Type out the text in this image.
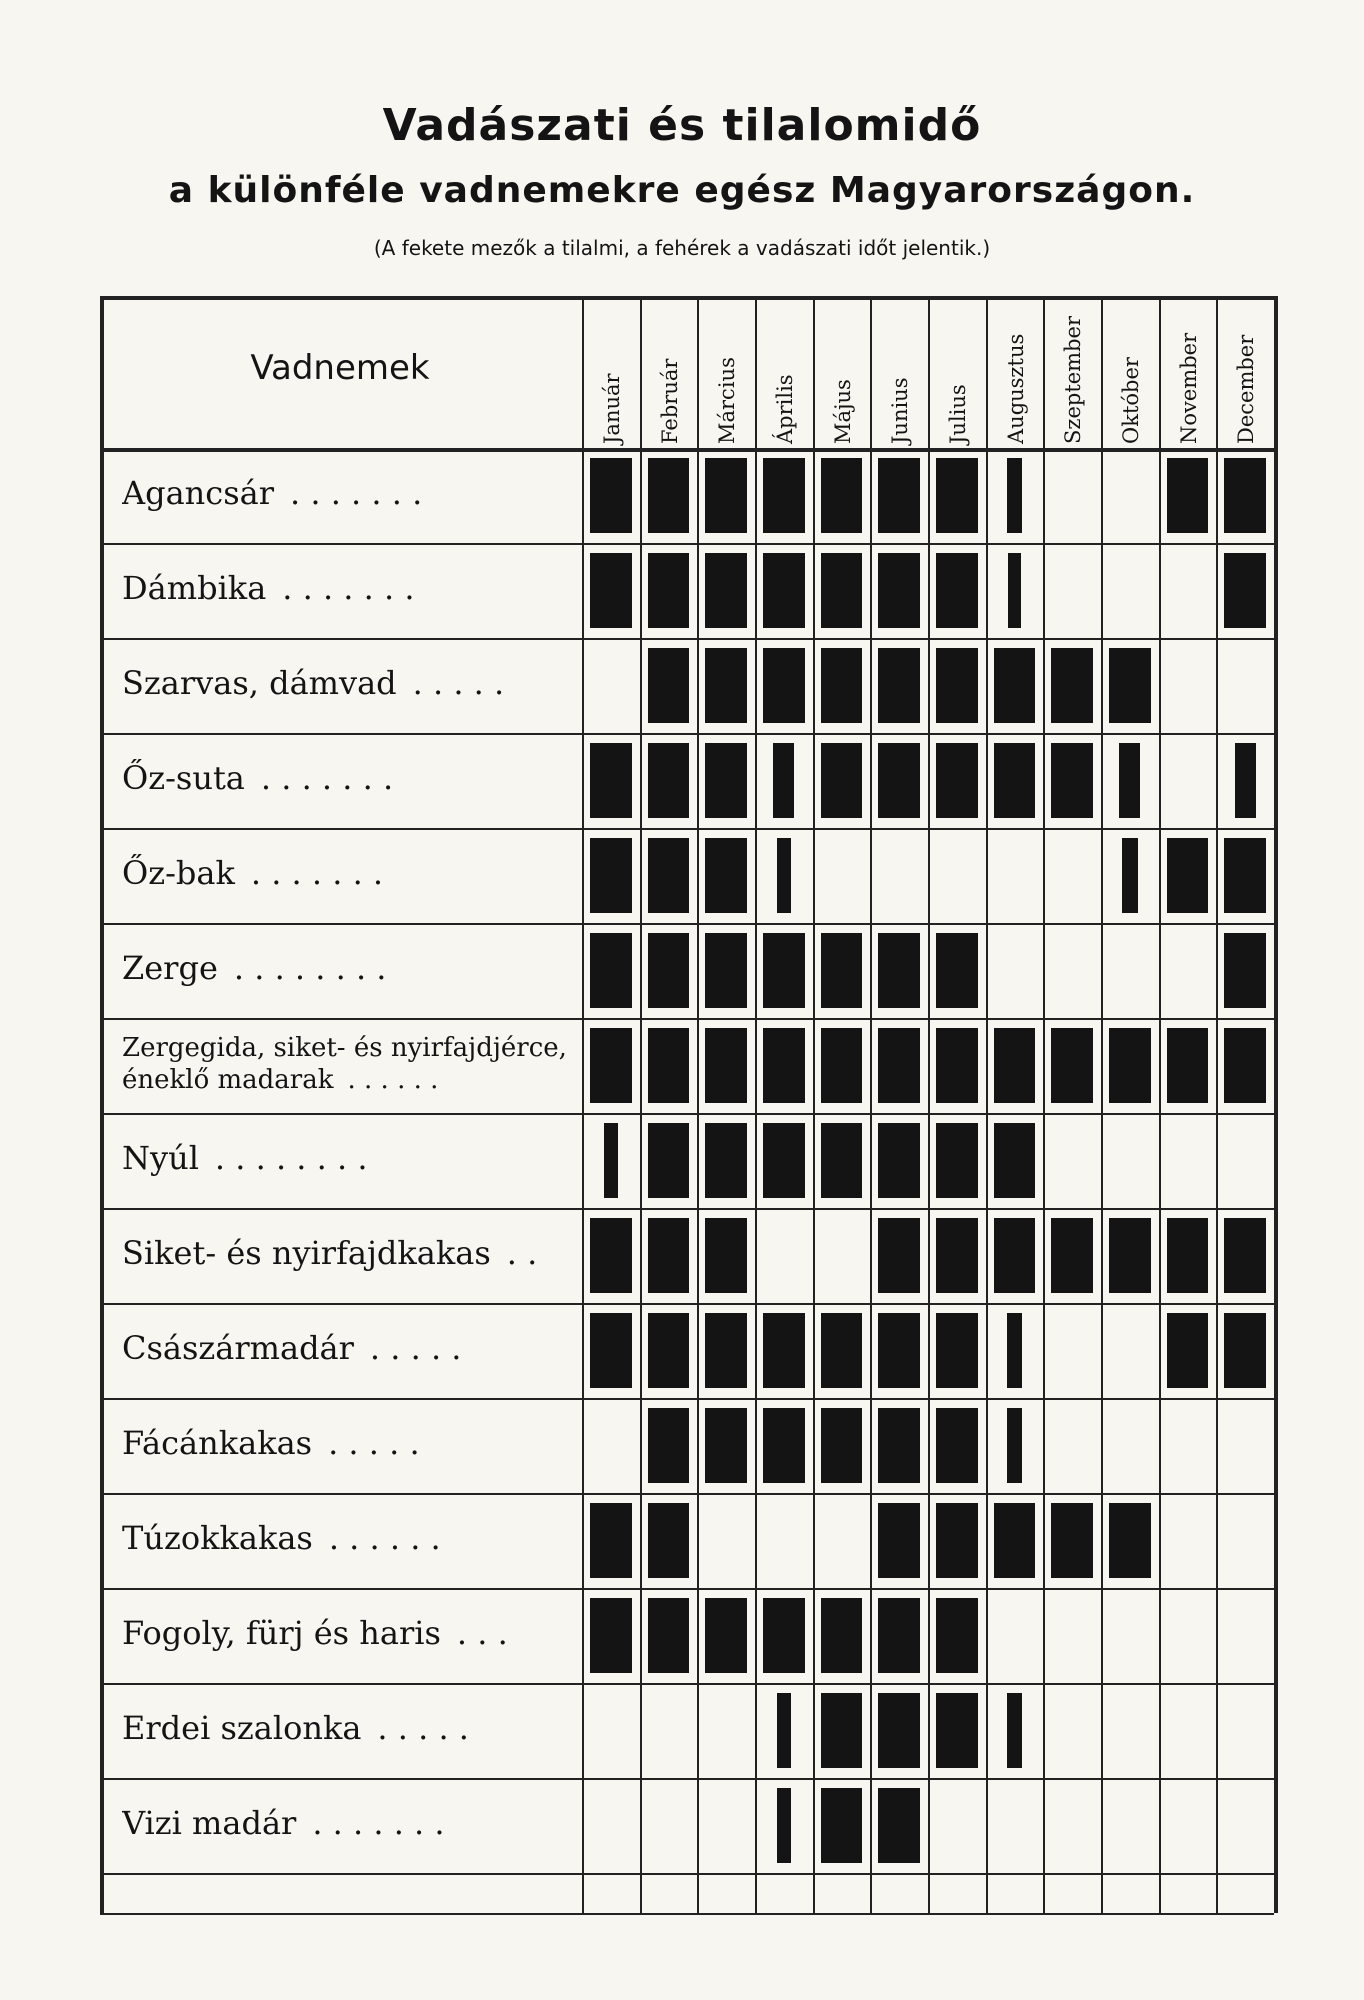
Vadászati és tilalomidő
a különféle vadnemekre egész Magyarországon.
(A fekete mezők a tilalmi, a fehérek a vadászati időt jelentik.)
Vadnemek
Január Február Március Április Május Junius Julius Augusztus Szeptember Október November December
Agancsár . . . . . . .
Dámbika . . . . . . .
Szarvas, dámvad . . . . .
Őz-suta . . . . . . .
Őz-bak . . . . . . .
Zerge . . . . . . . .
Zergegida, siket- és nyirfajdjérce,
éneklő madarak . . . . . .
Nyúl . . . . . . . .
Siket- és nyirfajdkakas . .
Császármadár . . . . .
Fácánkakas . . . . .
Túzokkakas . . . . . .
Fogoly, fürj és haris . . .
Erdei szalonka . . . . .
Vizi madár . . . . . . .
